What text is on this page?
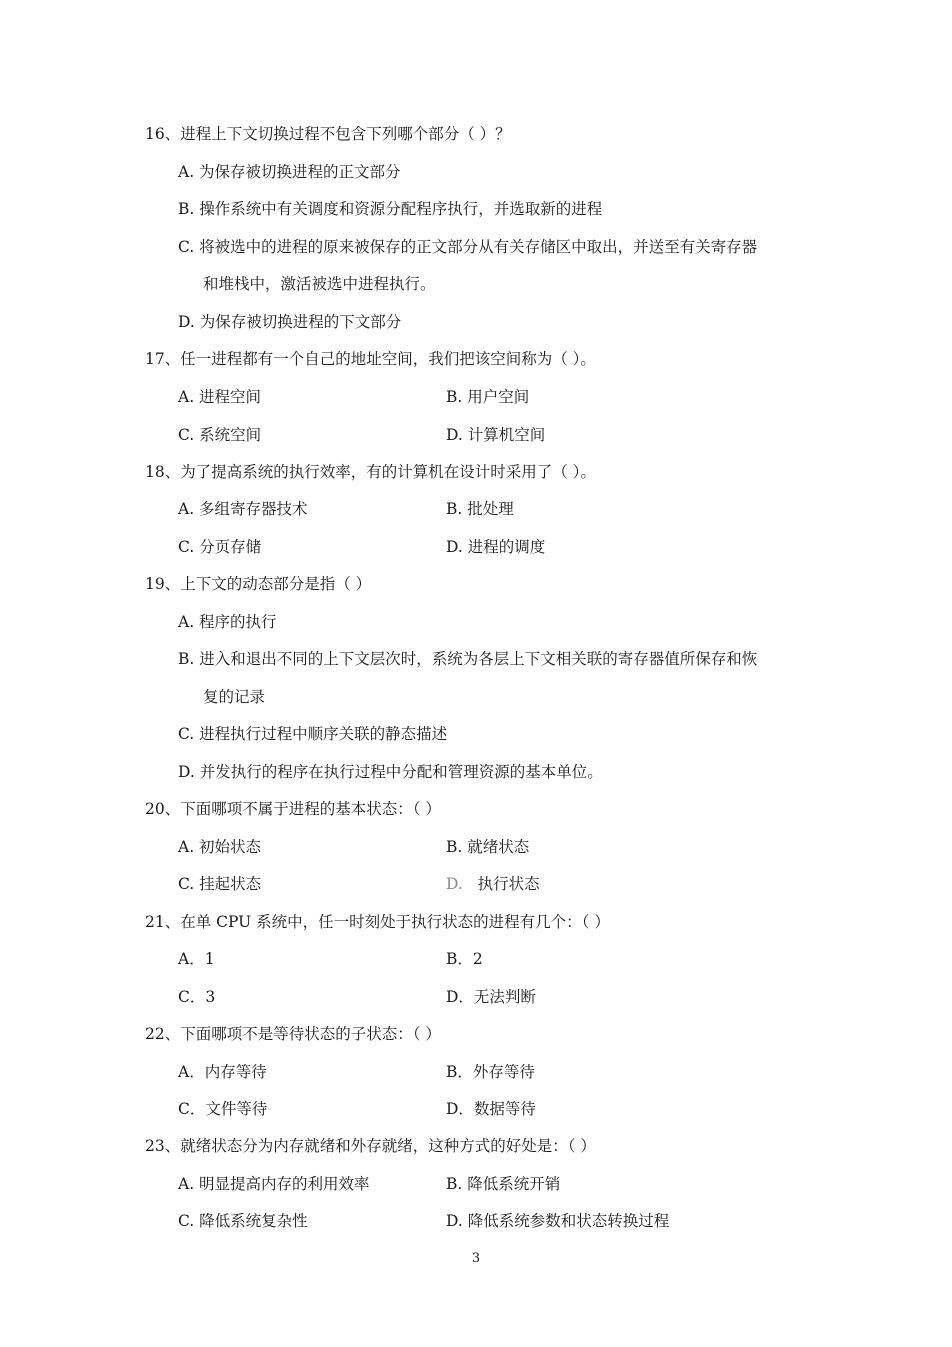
16、进程上下文切换过程不包含下列哪个部分（ ）？
A. 为保存被切换进程的正文部分
B. 操作系统中有关调度和资源分配程序执行，并选取新的进程
C. 将被选中的进程的原来被保存的正文部分从有关存储区中取出，并送至有关寄存器
和堆栈中，激活被选中进程执行。
D. 为保存被切换进程的下文部分
17、任一进程都有一个自己的地址空间，我们把该空间称为（ ）。
A. 进程空间	B. 用户空间
C. 系统空间	D. 计算机空间
18、为了提高系统的执行效率，有的计算机在设计时采用了（ ）。
A. 多组寄存器技术	B. 批处理
C. 分页存储	D. 进程的调度
19、上下文的动态部分是指（ ）
A. 程序的执行
B. 进入和退出不同的上下文层次时，系统为各层上下文相关联的寄存器值所保存和恢
复的记录
C. 进程执行过程中顺序关联的静态描述
D. 并发执行的程序在执行过程中分配和管理资源的基本单位。
20、下面哪项不属于进程的基本状态：（ ）
A. 初始状态	B. 就绪状态
C. 挂起状态	D. 执行状态
21、在单 CPU 系统中，任一时刻处于执行状态的进程有几个：（ ）
A．1	B．2
C．3	D．无法判断
22、下面哪项不是等待状态的子状态：（ ）
A．内存等待	B．外存等待
C．文件等待	D．数据等待
23、就绪状态分为内存就绪和外存就绪，这种方式的好处是：（ ）
A. 明显提高内存的利用效率	B. 降低系统开销
C. 降低系统复杂性	D. 降低系统参数和状态转换过程
3
